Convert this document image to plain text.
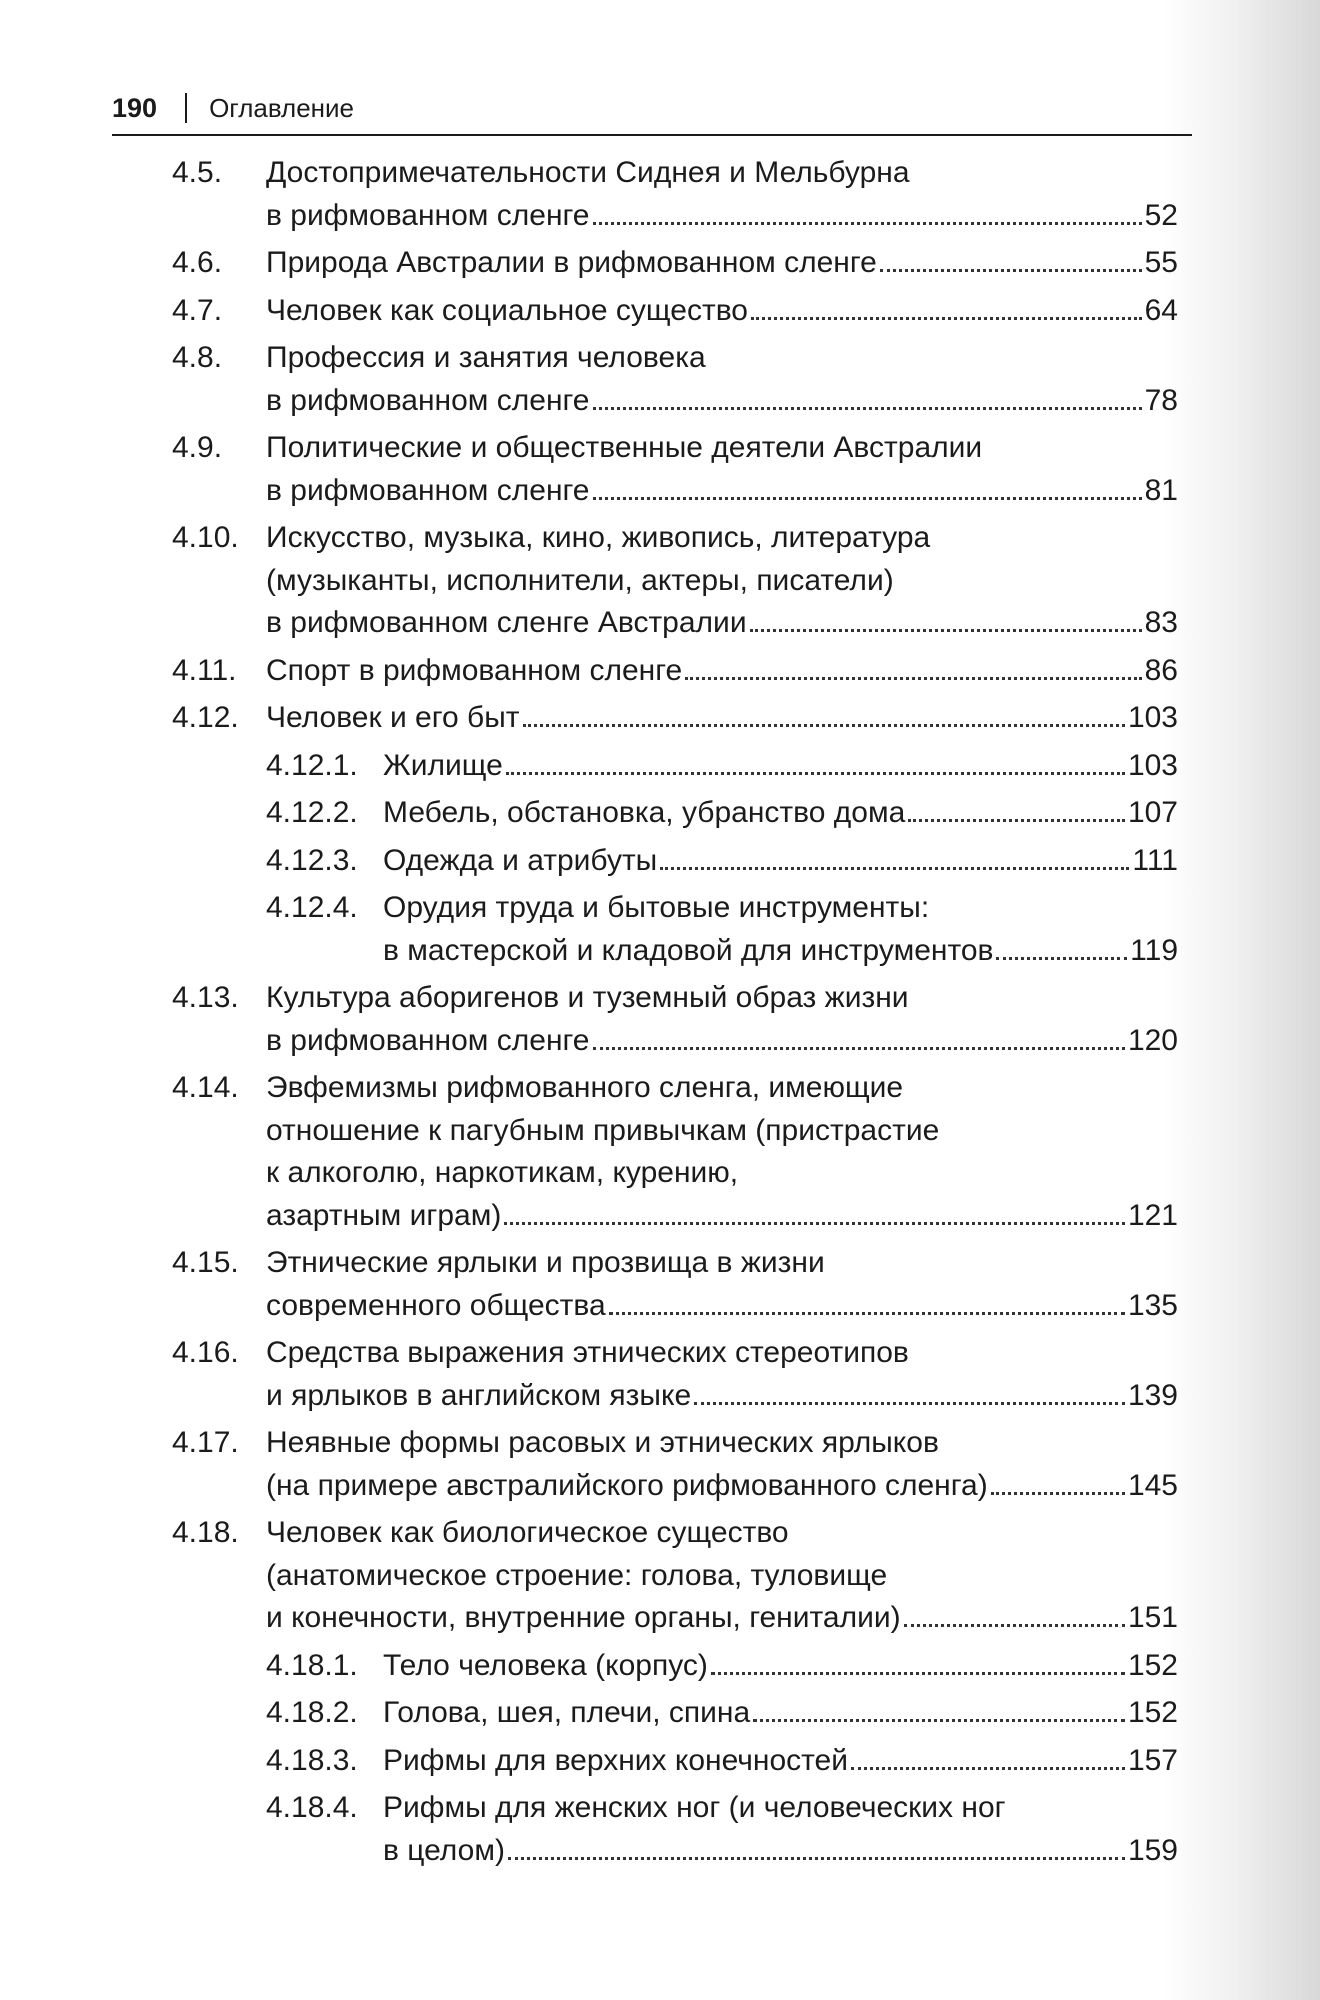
190 Оглавление
4.5.	Достопримечательности Сиднея и Мельбурна
в рифмованном сленге	52
4.6.	Природа Австралии в рифмованном сленге	55
4.7.	Человек как социальное существо	64
4.8.	Профессия и занятия человека
в рифмованном сленге	78
4.9.	Политические и общественные деятели Австралии
в рифмованном сленге	81
4.10. Искусство, музыка, кино, живопись, литература
(музыканты, исполнители, актеры, писатели)
в рифмованном сленге Австралии	83
4.11. Спорт в рифмованном сленге	86
4.12. Человек и его быт	103
4.12.1. Жилище	103
4.12.2. Мебель, обстановка, убранство дома	107
4.12.3. Одежда и атрибуты	111
4.12.4. Орудия труда и бытовые инструменты:
в мастерской и кладовой для инструментов	119
4.13. Культура аборигенов и туземный образ жизни
в рифмованном сленге	120
4.14. Эвфемизмы рифмованного сленга, имеющие
отношение к пагубным привычкам (пристрастие
к алкоголю, наркотикам, курению,
азартным играм)	121
4.15. Этнические ярлыки и прозвища в жизни
современного общества	135
4.16. Средства выражения этнических стереотипов
и ярлыков в английском языке	139
4.17. Неявные формы расовых и этнических ярлыков
(на примере австралийского рифмованного сленга)	145
4.18. Человек как биологическое существо
(анатомическое строение: голова, туловище
и конечности, внутренние органы, гениталии)	151
4.18.1. Тело человека (корпус)	152
4.18.2. Голова, шея, плечи, спина	152
4.18.3. Рифмы для верхних конечностей	157
4.18.4. Рифмы для женских ног (и человеческих ног
в целом)	159
